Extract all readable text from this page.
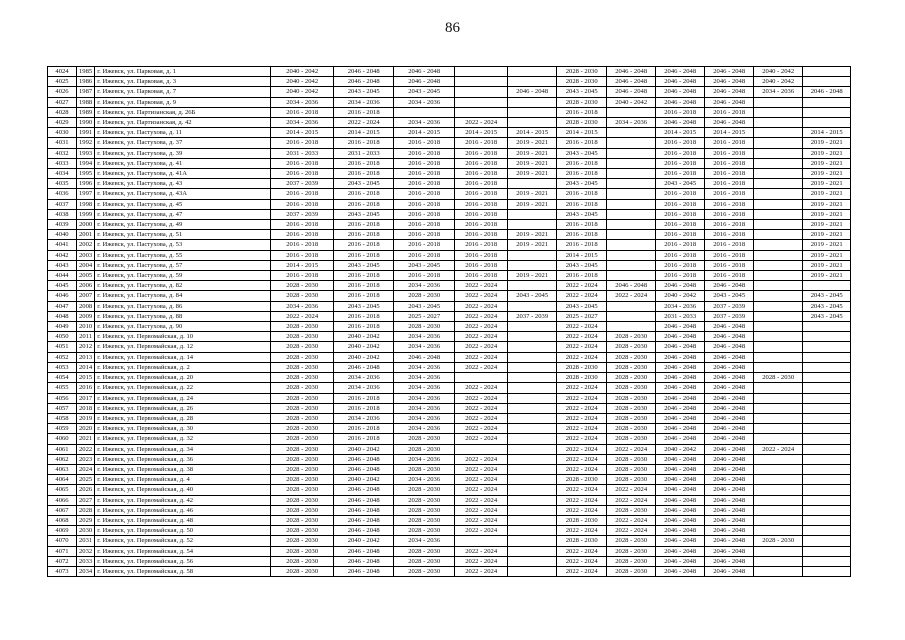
86
4024	1985	г. Ижевск, ул. Парковая, д. 1	2040 - 2042	2046 - 2048	2046 - 2048			2028 - 2030	2046 - 2048	2046 - 2048	2046 - 2048	2040 - 2042	
4025	1986	г. Ижевск, ул. Парковая, д. 3	2040 - 2042	2046 - 2048	2046 - 2048			2028 - 2030	2046 - 2048	2046 - 2048	2046 - 2048	2040 - 2042	
4026	1987	г. Ижевск, ул. Парковая, д. 7	2040 - 2042	2043 - 2045	2043 - 2045		2046 - 2048	2043 - 2045	2046 - 2048	2046 - 2048	2046 - 2048	2034 - 2036	2046 - 2048
4027	1988	г. Ижевск, ул. Парковая, д. 9	2034 - 2036	2034 - 2036	2034 - 2036			2028 - 2030	2040 - 2042	2046 - 2048	2046 - 2048		
4028	1989	г. Ижевск, ул. Партизанская, д. 26Б	2016 - 2018	2016 - 2018				2016 - 2018		2016 - 2018	2016 - 2018		
4029	1990	г. Ижевск, ул. Партизанская, д. 42	2034 - 2036	2022 - 2024	2034 - 2036	2022 - 2024		2028 - 2030	2034 - 2036	2046 - 2048	2046 - 2048		
4030	1991	г. Ижевск, ул. Пастухова, д. 11	2014 - 2015	2014 - 2015	2014 - 2015	2014 - 2015	2014 - 2015	2014 - 2015		2014 - 2015	2014 - 2015		2014 - 2015
4031	1992	г. Ижевск, ул. Пастухова, д. 37	2016 - 2018	2016 - 2018	2016 - 2018	2016 - 2018	2019 - 2021	2016 - 2018		2016 - 2018	2016 - 2018		2019 - 2021
4032	1993	г. Ижевск, ул. Пастухова, д. 39	2031 - 2033	2031 - 2033	2016 - 2018	2016 - 2018	2019 - 2021	2043 - 2045		2016 - 2018	2016 - 2018		2019 - 2021
4033	1994	г. Ижевск, ул. Пастухова, д. 41	2016 - 2018	2016 - 2018	2016 - 2018	2016 - 2018	2019 - 2021	2016 - 2018		2016 - 2018	2016 - 2018		2019 - 2021
4034	1995	г. Ижевск, ул. Пастухова, д. 41А	2016 - 2018	2016 - 2018	2016 - 2018	2016 - 2018	2019 - 2021	2016 - 2018		2016 - 2018	2016 - 2018		2019 - 2021
4035	1996	г. Ижевск, ул. Пастухова, д. 43	2037 - 2039	2043 - 2045	2016 - 2018	2016 - 2018		2043 - 2045		2043 - 2045	2016 - 2018		2019 - 2021
4036	1997	г. Ижевск, ул. Пастухова, д. 43А	2016 - 2018	2016 - 2018	2016 - 2018	2016 - 2018	2019 - 2021	2016 - 2018		2016 - 2018	2016 - 2018		2019 - 2021
4037	1998	г. Ижевск, ул. Пастухова, д. 45	2016 - 2018	2016 - 2018	2016 - 2018	2016 - 2018	2019 - 2021	2016 - 2018		2016 - 2018	2016 - 2018		2019 - 2021
4038	1999	г. Ижевск, ул. Пастухова, д. 47	2037 - 2039	2043 - 2045	2016 - 2018	2016 - 2018		2043 - 2045		2016 - 2018	2016 - 2018		2019 - 2021
4039	2000	г. Ижевск, ул. Пастухова, д. 49	2016 - 2018	2016 - 2018	2016 - 2018	2016 - 2018		2016 - 2018		2016 - 2018	2016 - 2018		2019 - 2021
4040	2001	г. Ижевск, ул. Пастухова, д. 51	2016 - 2018	2016 - 2018	2016 - 2018	2016 - 2018	2019 - 2021	2016 - 2018		2016 - 2018	2016 - 2018		2019 - 2021
4041	2002	г. Ижевск, ул. Пастухова, д. 53	2016 - 2018	2016 - 2018	2016 - 2018	2016 - 2018	2019 - 2021	2016 - 2018		2016 - 2018	2016 - 2018		2019 - 2021
4042	2003	г. Ижевск, ул. Пастухова, д. 55	2016 - 2018	2016 - 2018	2016 - 2018	2016 - 2018		2014 - 2015		2016 - 2018	2016 - 2018		2019 - 2021
4043	2004	г. Ижевск, ул. Пастухова, д. 57	2014 - 2015	2043 - 2045	2043 - 2045	2016 - 2018		2043 - 2045		2016 - 2018	2016 - 2018		2019 - 2021
4044	2005	г. Ижевск, ул. Пастухова, д. 59	2016 - 2018	2016 - 2018	2016 - 2018	2016 - 2018	2019 - 2021	2016 - 2018		2016 - 2018	2016 - 2018		2019 - 2021
4045	2006	г. Ижевск, ул. Пастухова, д. 82	2028 - 2030	2016 - 2018	2034 - 2036	2022 - 2024		2022 - 2024	2046 - 2048	2046 - 2048	2046 - 2048		
4046	2007	г. Ижевск, ул. Пастухова, д. 84	2028 - 2030	2016 - 2018	2028 - 2030	2022 - 2024	2043 - 2045	2022 - 2024	2022 - 2024	2040 - 2042	2043 - 2045		2043 - 2045
4047	2008	г. Ижевск, ул. Пастухова, д. 86	2034 - 2036	2043 - 2045	2043 - 2045	2022 - 2024		2043 - 2045		2034 - 2036	2037 - 2039		2043 - 2045
4048	2009	г. Ижевск, ул. Пастухова, д. 88	2022 - 2024	2016 - 2018	2025 - 2027	2022 - 2024	2037 - 2039	2025 - 2027		2031 - 2033	2037 - 2039		2043 - 2045
4049	2010	г. Ижевск, ул. Пастухова, д. 90	2028 - 2030	2016 - 2018	2028 - 2030	2022 - 2024		2022 - 2024		2046 - 2048	2046 - 2048		
4050	2011	г. Ижевск, ул. Первомайская, д. 10	2028 - 2030	2040 - 2042	2034 - 2036	2022 - 2024		2022 - 2024	2028 - 2030	2046 - 2048	2046 - 2048		
4051	2012	г. Ижевск, ул. Первомайская, д. 12	2028 - 2030	2040 - 2042	2034 - 2036	2022 - 2024		2022 - 2024	2028 - 2030	2046 - 2048	2046 - 2048		
4052	2013	г. Ижевск, ул. Первомайская, д. 14	2028 - 2030	2040 - 2042	2046 - 2048	2022 - 2024		2022 - 2024	2028 - 2030	2046 - 2048	2046 - 2048		
4053	2014	г. Ижевск, ул. Первомайская, д. 2	2028 - 2030	2046 - 2048	2034 - 2036	2022 - 2024		2028 - 2030	2028 - 2030	2046 - 2048	2046 - 2048		
4054	2015	г. Ижевск, ул. Первомайская, д. 20	2028 - 2030	2034 - 2036	2034 - 2036			2028 - 2030	2028 - 2030	2046 - 2048	2046 - 2048	2028 - 2030	
4055	2016	г. Ижевск, ул. Первомайская, д. 22	2028 - 2030	2034 - 2036	2034 - 2036	2022 - 2024		2022 - 2024	2028 - 2030	2046 - 2048	2046 - 2048		
4056	2017	г. Ижевск, ул. Первомайская, д. 24	2028 - 2030	2016 - 2018	2034 - 2036	2022 - 2024		2022 - 2024	2028 - 2030	2046 - 2048	2046 - 2048		
4057	2018	г. Ижевск, ул. Первомайская, д. 26	2028 - 2030	2016 - 2018	2034 - 2036	2022 - 2024		2022 - 2024	2028 - 2030	2046 - 2048	2046 - 2048		
4058	2019	г. Ижевск, ул. Первомайская, д. 28	2028 - 2030	2034 - 2036	2034 - 2036	2022 - 2024		2022 - 2024	2028 - 2030	2046 - 2048	2046 - 2048		
4059	2020	г. Ижевск, ул. Первомайская, д. 30	2028 - 2030	2016 - 2018	2034 - 2036	2022 - 2024		2022 - 2024	2028 - 2030	2046 - 2048	2046 - 2048		
4060	2021	г. Ижевск, ул. Первомайская, д. 32	2028 - 2030	2016 - 2018	2028 - 2030	2022 - 2024		2022 - 2024	2028 - 2030	2046 - 2048	2046 - 2048		
4061	2022	г. Ижевск, ул. Первомайская, д. 34	2028 - 2030	2040 - 2042	2028 - 2030			2022 - 2024	2022 - 2024	2040 - 2042	2046 - 2048	2022 - 2024	
4062	2023	г. Ижевск, ул. Первомайская, д. 36	2028 - 2030	2046 - 2048	2034 - 2036	2022 - 2024		2022 - 2024	2028 - 2030	2046 - 2048	2046 - 2048		
4063	2024	г. Ижевск, ул. Первомайская, д. 38	2028 - 2030	2046 - 2048	2028 - 2030	2022 - 2024		2022 - 2024	2028 - 2030	2046 - 2048	2046 - 2048		
4064	2025	г. Ижевск, ул. Первомайская, д. 4	2028 - 2030	2040 - 2042	2034 - 2036	2022 - 2024		2028 - 2030	2028 - 2030	2046 - 2048	2046 - 2048		
4065	2026	г. Ижевск, ул. Первомайская, д. 40	2028 - 2030	2046 - 2048	2028 - 2030	2022 - 2024		2022 - 2024	2022 - 2024	2046 - 2048	2046 - 2048		
4066	2027	г. Ижевск, ул. Первомайская, д. 42	2028 - 2030	2046 - 2048	2028 - 2030	2022 - 2024		2022 - 2024	2022 - 2024	2046 - 2048	2046 - 2048		
4067	2028	г. Ижевск, ул. Первомайская, д. 46	2028 - 2030	2046 - 2048	2028 - 2030	2022 - 2024		2022 - 2024	2028 - 2030	2046 - 2048	2046 - 2048		
4068	2029	г. Ижевск, ул. Первомайская, д. 48	2028 - 2030	2046 - 2048	2028 - 2030	2022 - 2024		2028 - 2030	2022 - 2024	2046 - 2048	2046 - 2048		
4069	2030	г. Ижевск, ул. Первомайская, д. 50	2028 - 2030	2046 - 2048	2028 - 2030	2022 - 2024		2022 - 2024	2022 - 2024	2046 - 2048	2046 - 2048		
4070	2031	г. Ижевск, ул. Первомайская, д. 52	2028 - 2030	2040 - 2042	2034 - 2036			2028 - 2030	2028 - 2030	2046 - 2048	2046 - 2048	2028 - 2030	
4071	2032	г. Ижевск, ул. Первомайская, д. 54	2028 - 2030	2046 - 2048	2028 - 2030	2022 - 2024		2022 - 2024	2028 - 2030	2046 - 2048	2046 - 2048		
4072	2033	г. Ижевск, ул. Первомайская, д. 56	2028 - 2030	2046 - 2048	2028 - 2030	2022 - 2024		2022 - 2024	2028 - 2030	2046 - 2048	2046 - 2048		
4073	2034	г. Ижевск, ул. Первомайская, д. 58	2028 - 2030	2046 - 2048	2028 - 2030	2022 - 2024		2022 - 2024	2028 - 2030	2046 - 2048	2046 - 2048		
